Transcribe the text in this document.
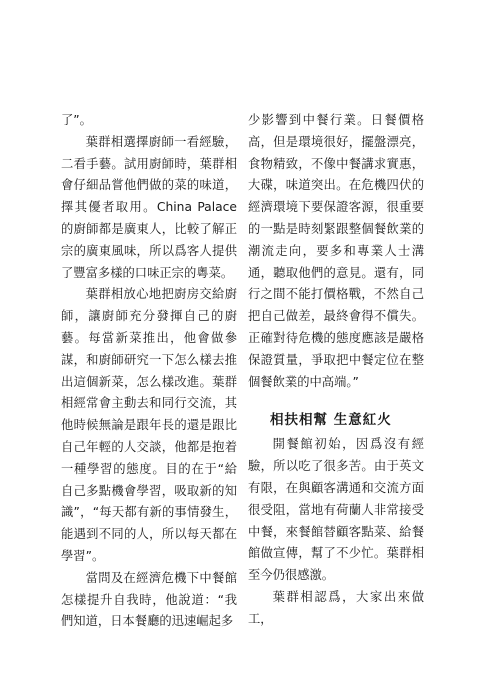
了”。

葉群相選擇廚師一看經驗，二看手藝。試用廚師時，葉群相會仔細品嘗他們做的菜的味道，擇其優者取用。China Palace的廚師都是廣東人，比較了解正宗的廣東風味，所以爲客人提供了豐富多樣的口味正宗的粵菜。

葉群相放心地把廚房交給廚師，讓廚師充分發揮自己的廚藝。每當新菜推出，他會做參謀，和廚師研究一下怎么樣去推出這個新菜，怎么樣改進。葉群相經常會主動去和同行交流，其他時候無論是跟年長的還是跟比自己年輕的人交談，他都是抱着一種學習的態度。目的在于“給自己多點機會學習，吸取新的知識”，“每天都有新的事情發生，能遇到不同的人，所以每天都在學習”。

當問及在經濟危機下中餐館怎樣提升自我時，他說道：“我們知道，日本餐廳的迅速崛起多

少影響到中餐行業。日餐價格高，但是環境很好，擺盤漂亮，食物精致，不像中餐講求實惠，大碟，味道突出。在危機四伏的經濟環境下要保證客源，很重要的一點是時刻緊跟整個餐飲業的潮流走向，要多和專業人士溝通，聽取他們的意見。還有，同行之間不能打價格戰，不然自己把自己做差，最終會得不償失。正確對待危機的態度應該是嚴格保證質量，爭取把中餐定位在整個餐飲業的中高端。”

相扶相幫 生意紅火

開餐館初始，因爲沒有經驗，所以吃了很多苦。由于英文有限，在與顧客溝通和交流方面很受阻，當地有荷蘭人非常接受中餐，來餐館替顧客點菜、給餐館做宣傳，幫了不少忙。葉群相至今仍很感激。

葉群相認爲，大家出來做工，
